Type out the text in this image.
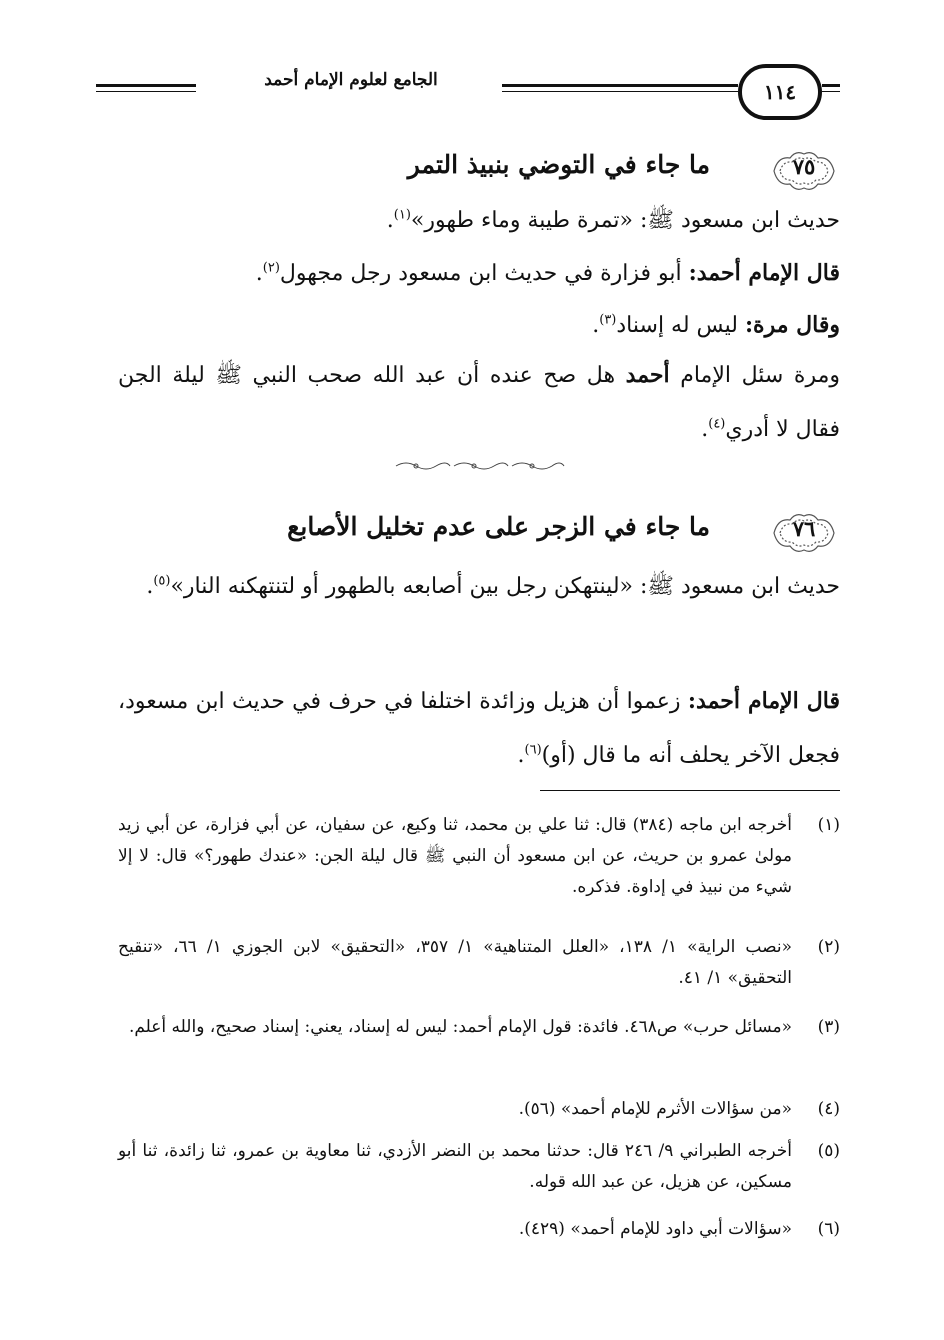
الجامع لعلوم الإمام أحمد	١١٤
٧٥
ما جاء في التوضي بنبيذ التمر
حديث ابن مسعود ﷺ: «تمرة طيبة وماء طهور»$^{(١)}$.
قال الإمام أحمد: أبو فزارة في حديث ابن مسعود رجل مجهول$^{(٢)}$.
وقال مرة: ليس له إسناد$^{(٣)}$.
ومرة سئل الإمام أحمد هل صح عنده أن عبد الله صحب النبي ﷺ ليلة الجن فقال لا أدري$^{(٤)}$.
٧٦
ما جاء في الزجر على عدم تخليل الأصابع
حديث ابن مسعود ﷺ: «لينتهكن رجل بين أصابعه بالطهور أو لتنتهكنه النار»$^{(٥)}$.
قال الإمام أحمد: زعموا أن هزيل وزائدة اختلفا في حرف في حديث ابن مسعود، فجعل الآخر يحلف أنه ما قال (أو)$^{(٦)}$.
(١)
أخرجه ابن ماجه (٣٨٤) قال: ثنا علي بن محمد، ثنا وكيع، عن سفيان، عن أبي فزارة، عن أبي زيد مولىٰ عمرو بن حريث، عن ابن مسعود أن النبي ﷺ قال ليلة الجن: «عندك طهور؟» قال: لا إلا شيء من نبيذ في إداوة. فذكره.
(٢)
«نصب الراية» ١/ ١٣٨، «العلل المتناهية» ١/ ٣٥٧، «التحقيق» لابن الجوزي ١/ ٦٦، «تنقيح التحقيق» ١/ ٤١.
(٣)
«مسائل حرب» ص٤٦٨. فائدة: قول الإمام أحمد: ليس له إسناد، يعني: إسناد صحيح، والله أعلم.
(٤)
«من سؤالات الأثرم للإمام أحمد» (٥٦).
(٥)
أخرجه الطبراني ٩/ ٢٤٦ قال: حدثنا محمد بن النضر الأزدي، ثنا معاوية بن عمرو، ثنا زائدة، ثنا أبو مسكين، عن هزيل، عن عبد الله قوله.
(٦)
«سؤالات أبي داود للإمام أحمد» (٤٢٩).
